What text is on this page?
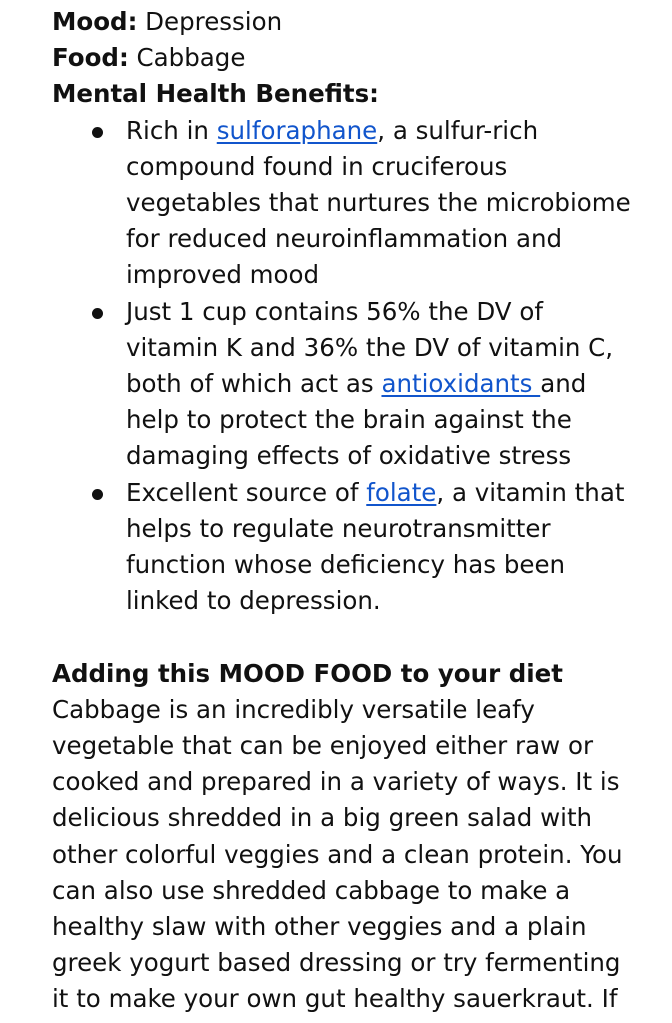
Mood: Depression
Food: Cabbage
Mental Health Benefits:
Rich in sulforaphane, a sulfur-rich
compound found in cruciferous
vegetables that nurtures the microbiome
for reduced neuroinflammation and
improved mood
Just 1 cup contains 56% the DV of
vitamin K and 36% the DV of vitamin C,
both of which act as antioxidants and
help to protect the brain against the
damaging effects of oxidative stress
Excellent source of folate, a vitamin that
helps to regulate neurotransmitter
function whose deficiency has been
linked to depression.
Adding this MOOD FOOD to your diet
Cabbage is an incredibly versatile leafy
vegetable that can be enjoyed either raw or
cooked and prepared in a variety of ways. It is
delicious shredded in a big green salad with
other colorful veggies and a clean protein. You
can also use shredded cabbage to make a
healthy slaw with other veggies and a plain
greek yogurt based dressing or try fermenting
it to make your own gut healthy sauerkraut. If
